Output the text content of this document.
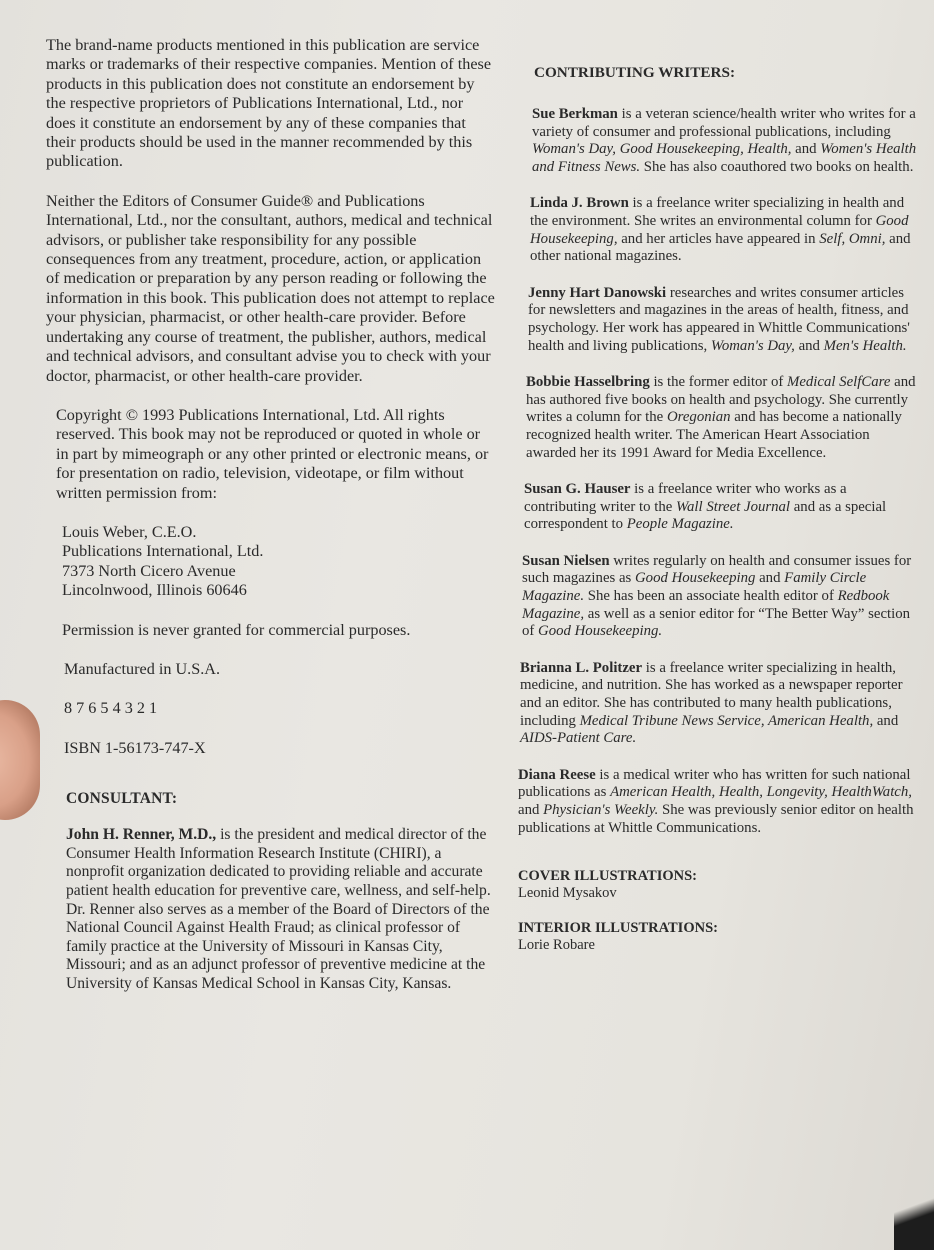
The brand-name products mentioned in this publication are service marks or trademarks of their respective companies. Mention of these products in this publication does not constitute an endorsement by the respective proprietors of Publications International, Ltd., nor does it constitute an endorsement by any of these companies that their products should be used in the manner recommended by this publication.

Neither the Editors of Consumer Guide® and Publications International, Ltd., nor the consultant, authors, medical and technical advisors, or publisher take responsibility for any possible consequences from any treatment, procedure, action, or application of medication or preparation by any person reading or following the information in this book. This publication does not attempt to replace your physician, pharmacist, or other health-care provider. Before undertaking any course of treatment, the publisher, authors, medical and technical advisors, and consultant advise you to check with your doctor, pharmacist, or other health-care provider.

Copyright © 1993 Publications International, Ltd. All rights reserved. This book may not be reproduced or quoted in whole or in part by mimeograph or any other printed or electronic means, or for presentation on radio, television, videotape, or film without written permission from:

Louis Weber, C.E.O.
Publications International, Ltd.
7373 North Cicero Avenue
Lincolnwood, Illinois 60646
Permission is never granted for commercial purposes.
Manufactured in U.S.A.
8 7 6 5 4 3 2 1
ISBN 1-56173-747-X
CONSULTANT:

John H. Renner, M.D., is the president and medical director of the Consumer Health Information Research Institute (CHIRI), a nonprofit organization dedicated to providing reliable and accurate patient health education for preventive care, wellness, and self-help. Dr. Renner also serves as a member of the Board of Directors of the National Council Against Health Fraud; as clinical professor of family practice at the University of Missouri in Kansas City, Missouri; and as an adjunct professor of preventive medicine at the University of Kansas Medical School in Kansas City, Kansas.

CONTRIBUTING WRITERS:

Sue Berkman is a veteran science/health writer who writes for a variety of consumer and professional publications, including Woman's Day, Good Housekeeping, Health, and Women's Health and Fitness News. She has also coauthored two books on health.

Linda J. Brown is a freelance writer specializing in health and the environment. She writes an environmental column for Good Housekeeping, and her articles have appeared in Self, Omni, and other national magazines.

Jenny Hart Danowski researches and writes consumer articles for newsletters and magazines in the areas of health, fitness, and psychology. Her work has appeared in Whittle Communications' health and living publications, Woman's Day, and Men's Health.

Bobbie Hasselbring is the former editor of Medical SelfCare and has authored five books on health and psychology. She currently writes a column for the Oregonian and has become a nationally recognized health writer. The American Heart Association awarded her its 1991 Award for Media Excellence.

Susan G. Hauser is a freelance writer who works as a contributing writer to the Wall Street Journal and as a special correspondent to People Magazine.

Susan Nielsen writes regularly on health and consumer issues for such magazines as Good Housekeeping and Family Circle Magazine. She has been an associate health editor of Redbook Magazine, as well as a senior editor for “The Better Way” section of Good Housekeeping.

Brianna L. Politzer is a freelance writer specializing in health, medicine, and nutrition. She has worked as a newspaper reporter and an editor. She has contributed to many health publications, including Medical Tribune News Service, American Health, and AIDS-Patient Care.

Diana Reese is a medical writer who has written for such national publications as American Health, Health, Longevity, HealthWatch, and Physician's Weekly. She was previously senior editor on health publications at Whittle Communications.

COVER ILLUSTRATIONS:
Leonid Mysakov
INTERIOR ILLUSTRATIONS:
Lorie Robare
